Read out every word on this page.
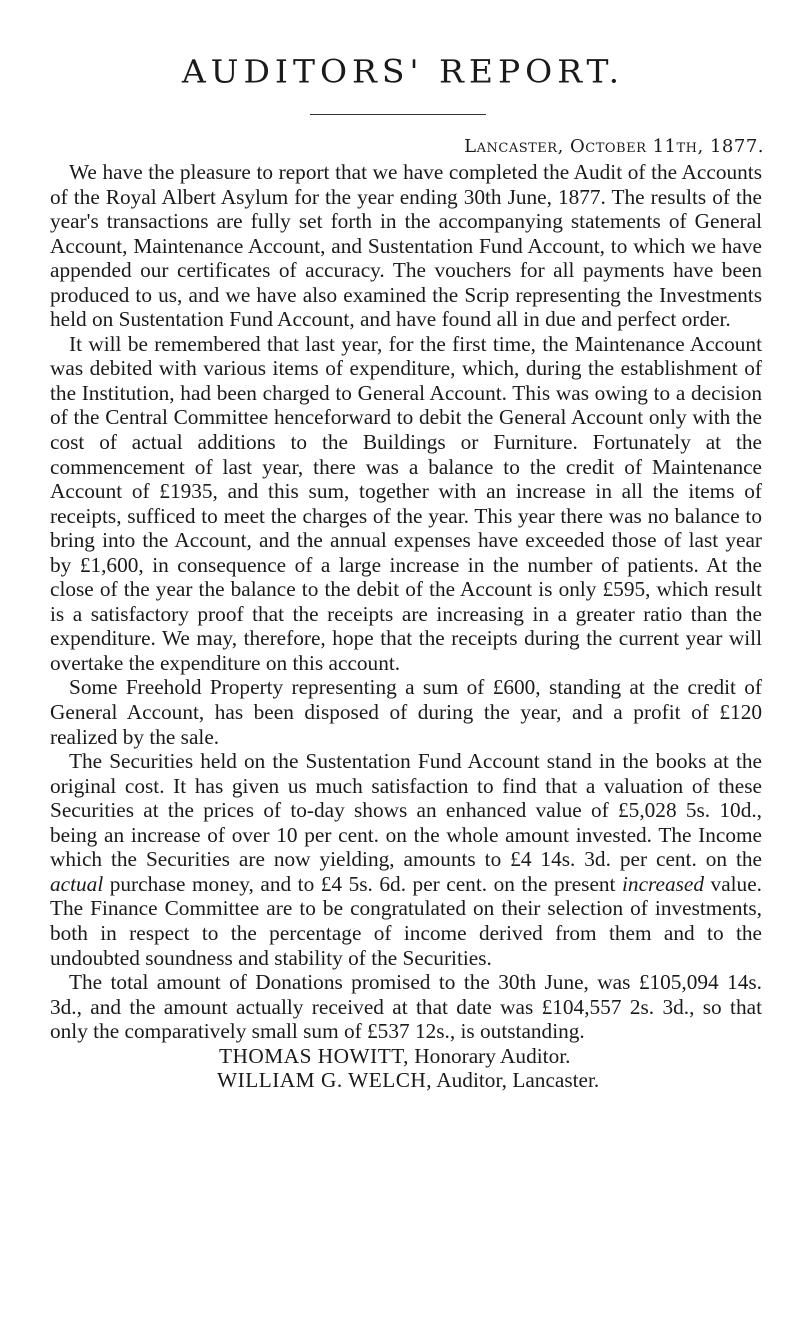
AUDITORS' REPORT.
Lancaster, October 11th, 1877.

We have the pleasure to report that we have completed the Audit of the Accounts of the Royal Albert Asylum for the year ending 30th June, 1877. The results of the year's transactions are fully set forth in the accompanying statements of General Account, Maintenance Account, and Sustentation Fund Account, to which we have appended our certificates of accuracy. The vouchers for all payments have been produced to us, and we have also examined the Scrip representing the Investments held on Sustentation Fund Account, and have found all in due and perfect order.

It will be remembered that last year, for the first time, the Maintenance Account was debited with various items of expenditure, which, during the establishment of the Institution, had been charged to General Account. This was owing to a decision of the Central Committee henceforward to debit the General Account only with the cost of actual additions to the Buildings or Furniture. Fortunately at the commencement of last year, there was a balance to the credit of Maintenance Account of £1935, and this sum, together with an increase in all the items of receipts, sufficed to meet the charges of the year. This year there was no balance to bring into the Account, and the annual expenses have exceeded those of last year by £1,600, in consequence of a large increase in the number of patients. At the close of the year the balance to the debit of the Account is only £595, which result is a satisfactory proof that the receipts are increasing in a greater ratio than the expenditure. We may, therefore, hope that the receipts during the current year will overtake the expenditure on this account.

Some Freehold Property representing a sum of £600, standing at the credit of General Account, has been disposed of during the year, and a profit of £120 realized by the sale.

The Securities held on the Sustentation Fund Account stand in the books at the original cost. It has given us much satisfaction to find that a valuation of these Securities at the prices of to-day shows an enhanced value of £5,028 5s. 10d., being an increase of over 10 per cent. on the whole amount invested. The Income which the Securities are now yielding, amounts to £4 14s. 3d. per cent. on the actual purchase money, and to £4 5s. 6d. per cent. on the present increased value. The Finance Committee are to be congratulated on their selection of investments, both in respect to the percentage of income derived from them and to the undoubted soundness and stability of the Securities.

The total amount of Donations promised to the 30th June, was £105,094 14s. 3d., and the amount actually received at that date was £104,557 2s. 3d., so that only the comparatively small sum of £537 12s., is outstanding.

THOMAS HOWITT, Honorary Auditor.
WILLIAM G. WELCH, Auditor, Lancaster.
